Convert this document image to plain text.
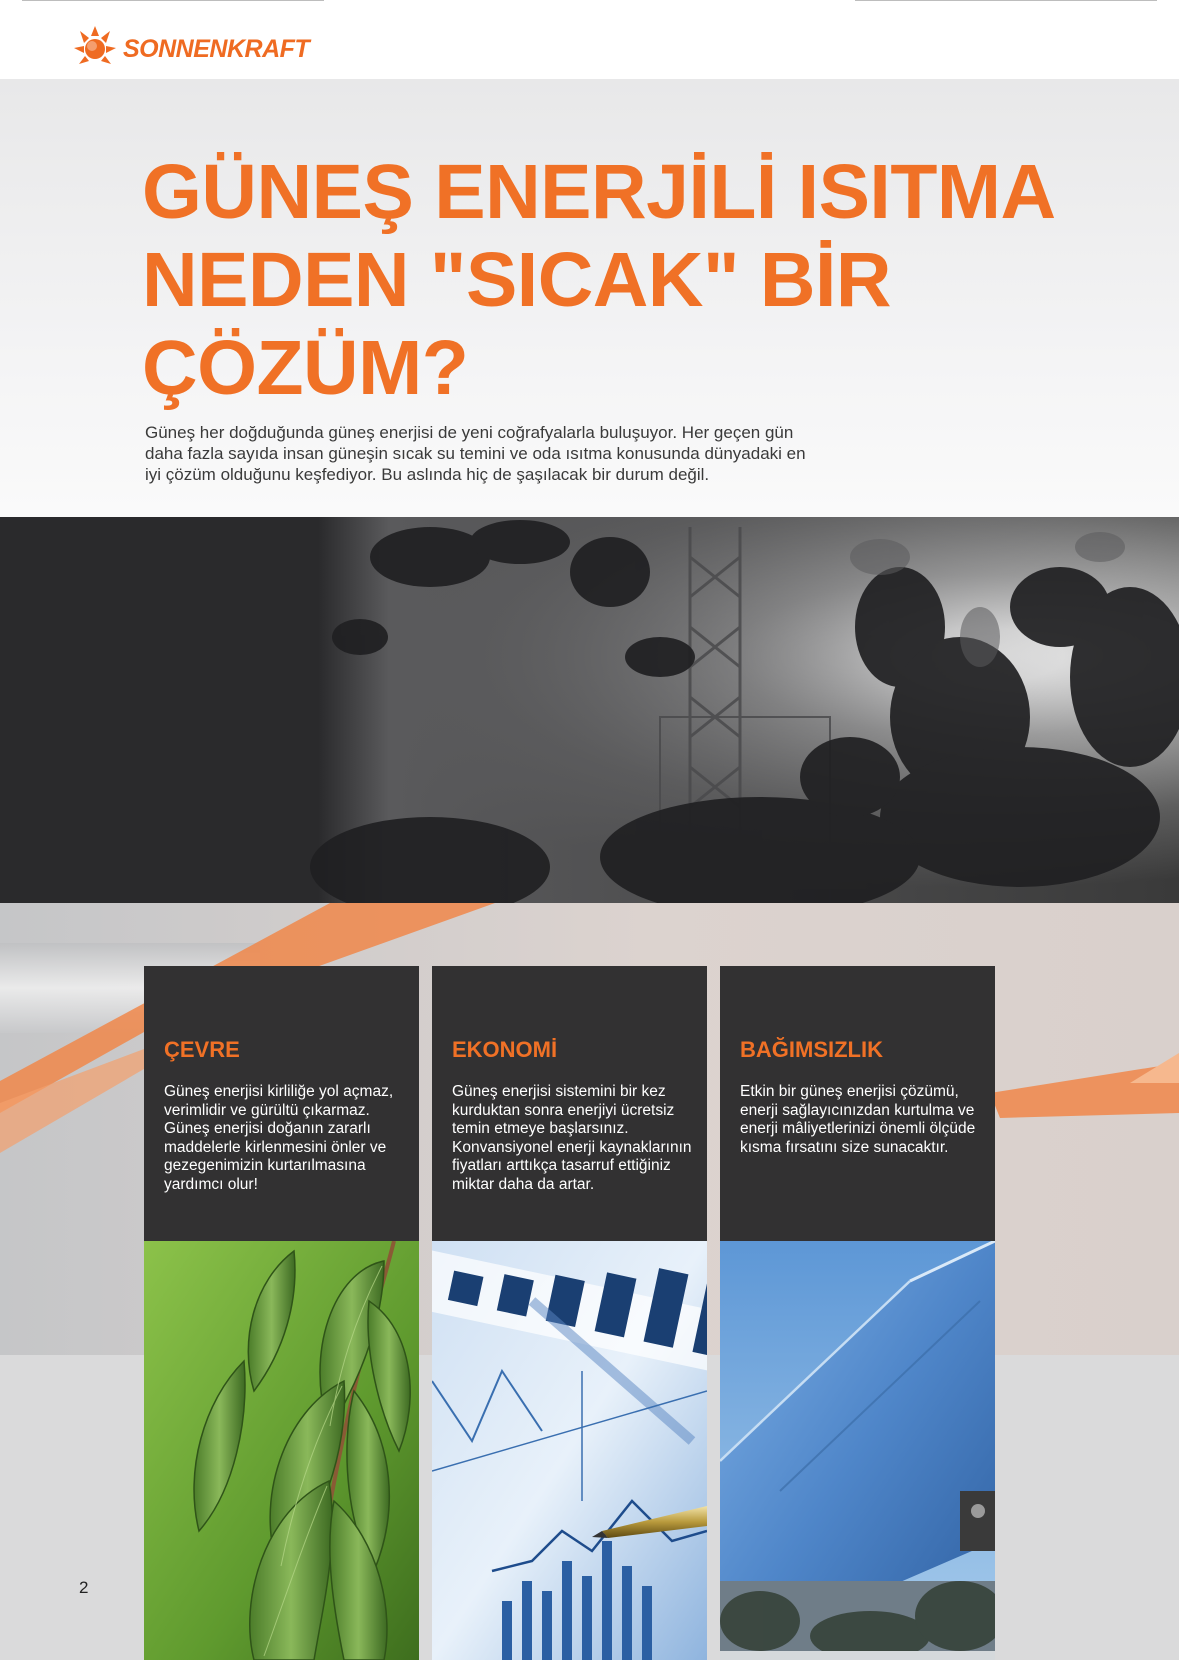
SONNENKRAFT
GÜNEŞ ENERJİLİ ISITMA
NEDEN "SICAK" BİR
ÇÖZÜM?

Güneş her doğduğunda güneş enerjisi de yeni coğrafyalarla buluşuyor. Her geçen gün
daha fazla sayıda insan güneşin sıcak su temini ve oda ısıtma konusunda dünyadaki en
iyi çözüm olduğunu keşfediyor. Bu aslında hiç de şaşılacak bir durum değil.

ÇEVRE

Güneş enerjisi kirliliğe yol açmaz,
verimlidir ve gürültü çıkarmaz.
Güneş enerjisi doğanın zararlı
maddelerle kirlenmesini önler ve
gezegenimizin kurtarılmasına
yardımcı olur!

EKONOMİ

Güneş enerjisi sistemini bir kez
kurduktan sonra enerjiyi ücretsiz
temin etmeye başlarsınız.
Konvansiyonel enerji kaynaklarının
fiyatları arttıkça tasarruf ettiğiniz
miktar daha da artar.

BAĞIMSIZLIK

Etkin bir güneş enerjisi çözümü,
enerji sağlayıcınızdan kurtulma ve
enerji mâliyetlerinizi önemli ölçüde
kısma fırsatını size sunacaktır.

2
